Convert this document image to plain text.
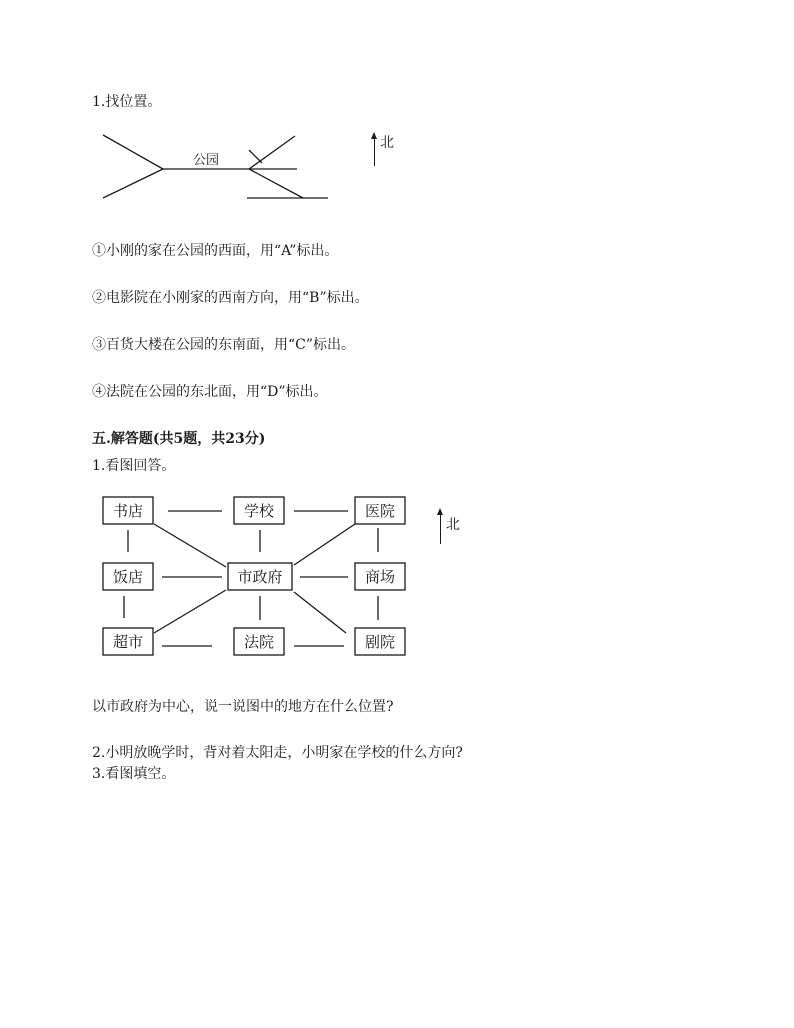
1.找位置。
公园
北
①小刚的家在公园的西面，用“A”标出。
②电影院在小刚家的西南方向，用“B”标出。
③百货大楼在公园的东南面，用“C”标出。
④法院在公园的东北面，用“D”标出。
五.解答题(共5题，共23分)
1.看图回答。
书店	学校	医院
饭店	市政府	商场
超市	法院	剧院
北
以市政府为中心，说一说图中的地方在什么位置?
2.小明放晚学时，背对着太阳走，小明家在学校的什么方向?
3.看图填空。
